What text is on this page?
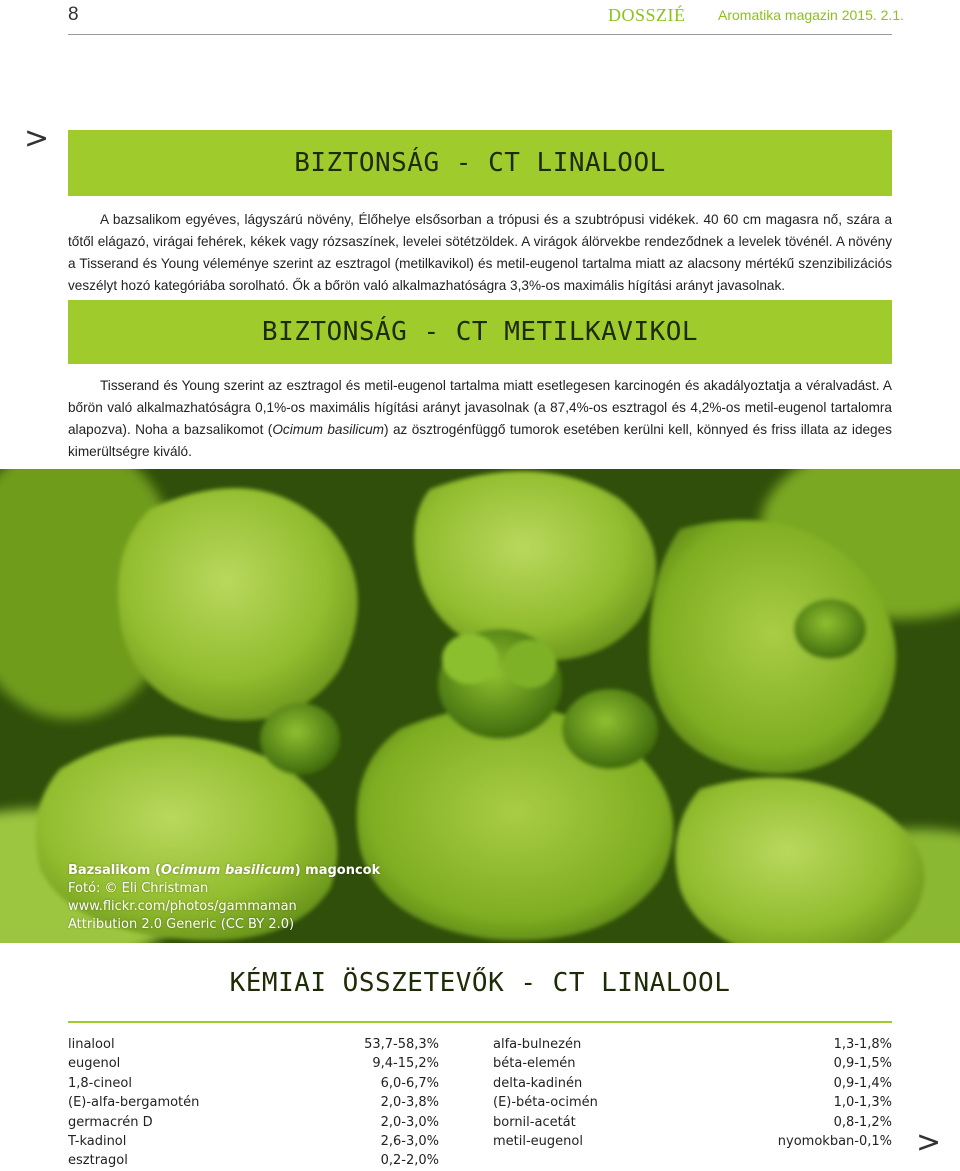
8	DOSSZIÉ Aromatika magazin 2015. 2.1.
>
BIZTONSÁG - CT LINALOOL

A bazsalikom egyéves, lágyszárú növény, Élőhelye elsősorban a trópusi és a szubtrópusi vidékek. 40 60 cm magasra nő, szára a tőtől elágazó, virágai fehérek, kékek vagy rózsaszínek, levelei sötétzöldek. A virágok álörvekbe rendeződnek a levelek tövénél. A növény a Tisserand és Young véleménye szerint az esztragol (metilkavikol) és metil-eugenol tartalma miatt az alacsony mértékű szenzibilizációs veszélyt hozó kategóriába sorolható. Ők a bőrön való alkalmazhatóságra 3,3%-os maximális hígítási arányt javasolnak.

BIZTONSÁG - CT METILKAVIKOL

Tisserand és Young szerint az esztragol és metil-eugenol tartalma miatt esetlegesen karcinogén és akadályoztatja a véralvadást. A bőrön való alkalmazhatóságra 0,1%-os maximális hígítási arányt javasolnak (a 87,4%-os esztragol és 4,2%-os metil-eugenol tartalomra alapozva). Noha a bazsalikomot (Ocimum basilicum) az ösztrogénfüggő tumorok esetében kerülni kell, könnyed és friss illata az ideges kimerültségre kiváló.

Bazsalikom (Ocimum basilicum) magoncok
Fotó: © Eli Christman
www.flickr.com/photos/gammaman
Attribution 2.0 Generic (CC BY 2.0)
KÉMIAI ÖSSZETEVŐK - CT LINALOOL
linalool	53,7-58,3%
eugenol	9,4-15,2%
1,8-cineol	6,0-6,7%
(E)-alfa-bergamotén	2,0-3,8%
germacrén D	2,0-3,0%
T-kadinol	2,6-3,0%
esztragol	0,2-2,0%
alfa-bulnezén	1,3-1,8%
béta-elemén	0,9-1,5%
delta-kadinén	0,9-1,4%
(E)-béta-ocimén	1,0-1,3%
bornil-acetát	0,8-1,2%
metil-eugenol	nyomokban-0,1% >
